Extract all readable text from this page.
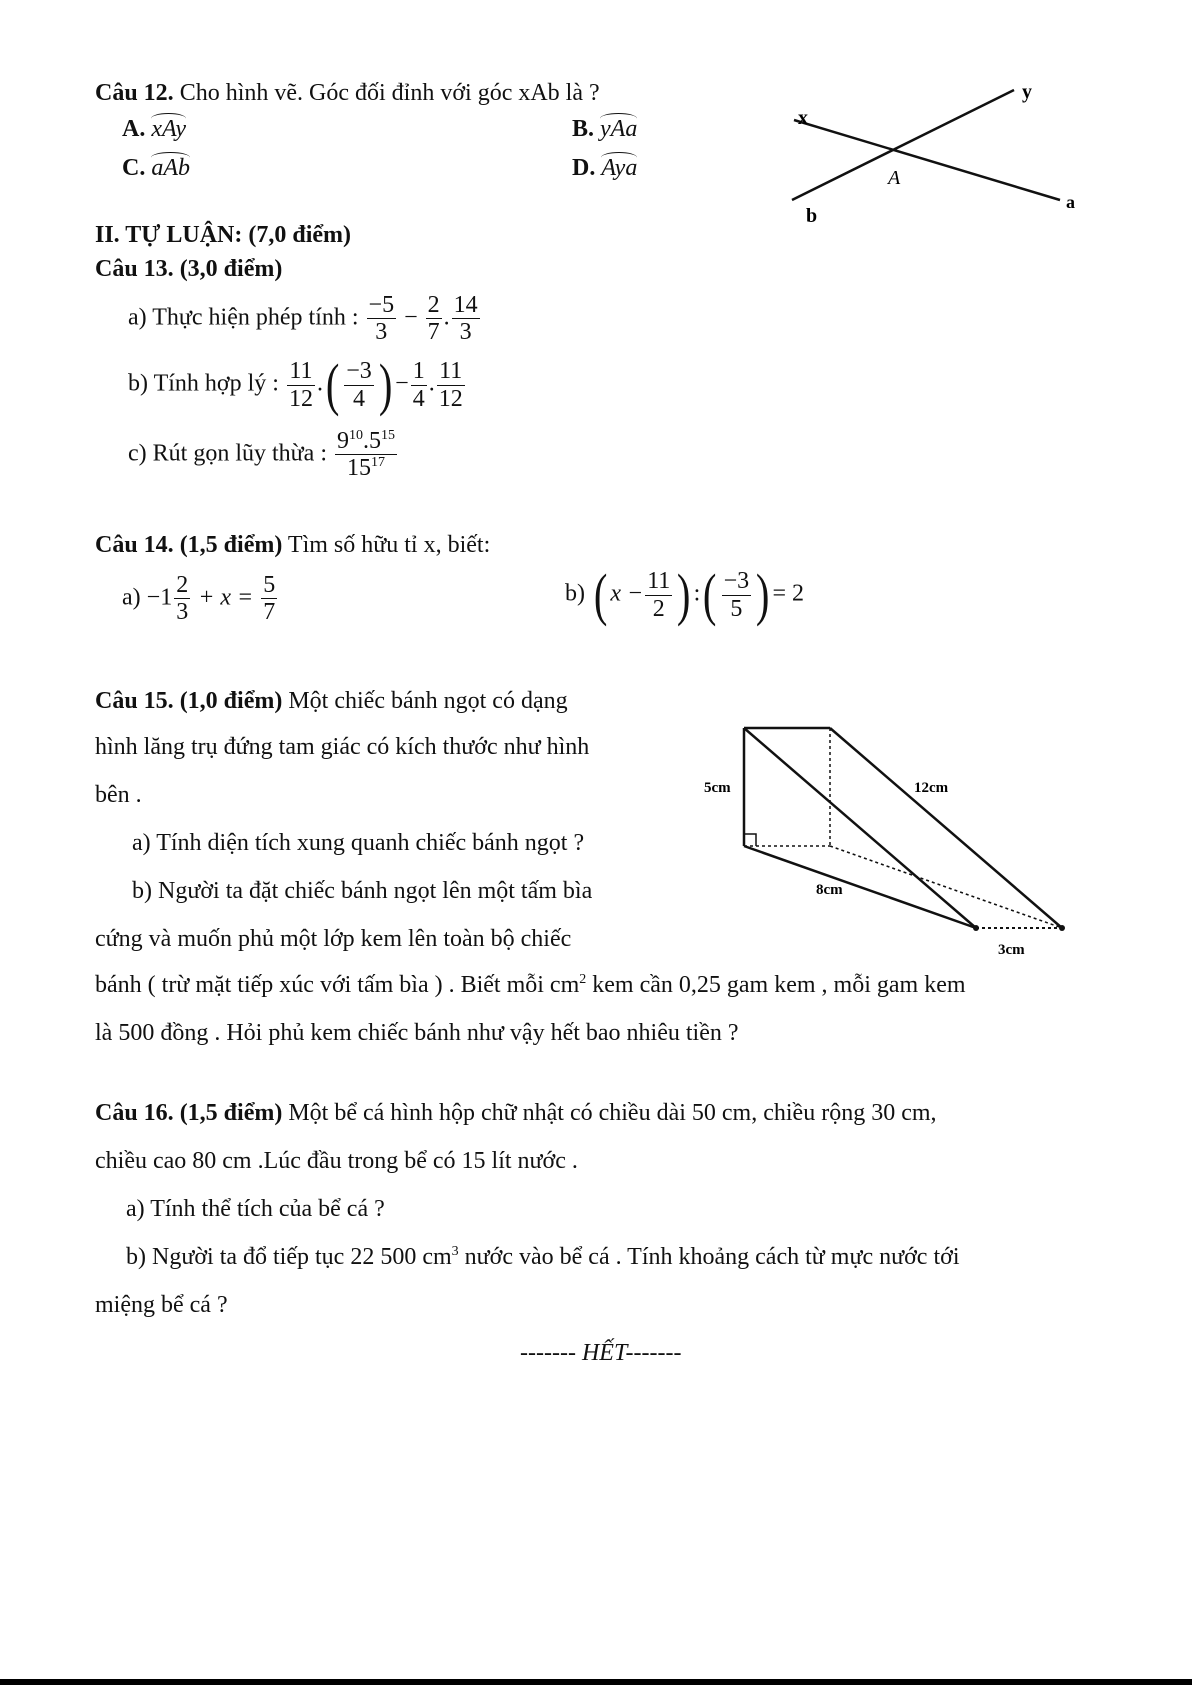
Câu 12. Cho hình vẽ. Góc đối đỉnh với góc xAb là ?
A. xAy	B. yAa
C. aAb	D. Aya
x
y
a
b
A
II. TỰ LUẬN: (7,0 điểm)
Câu 13. (3,0 điểm)
a) Thực hiện phép tính : $\frac{-5}{3} - \frac{2}{7}$ . $\frac{14}{3}$
b) Tính hợp lý : $\frac{11}{12}$ .( $\frac{-3}{4}$ ) − $\frac{1}{4}$ . $\frac{11}{12}$
c) Rút gọn lũy thừa : $\frac{9^{10}.5^{15}}{15^{17}}$
Câu 14. (1,5 điểm) Tìm số hữu tỉ x, biết:
$a) -1 \frac{2}{3} + x = \frac{5}{7}$	b) ( $x - \frac{11}{2}$ ) :( $\frac{-3}{5}$ ) = 2
Câu 15. (1,0 điểm) Một chiếc bánh ngọt có dạng
hình lăng trụ đứng tam giác có kích thước như hình
bên .
a) Tính diện tích xung quanh chiếc bánh ngọt ?
b) Người ta đặt chiếc bánh ngọt lên một tấm bìa
cứng và muốn phủ một lớp kem lên toàn bộ chiếc
bánh ( trừ mặt tiếp xúc với tấm bìa ) . Biết mỗi $cm^2$ kem cần 0,25 gam kem , mỗi gam kem
là 500 đồng . Hỏi phủ kem chiếc bánh như vậy hết bao nhiêu tiền ?
5cm	12cm
8cm
3cm
Câu 16. (1,5 điểm) Một bể cá hình hộp chữ nhật có chiều dài 50 cm, chiều rộng 30 cm,
chiều cao 80 cm .Lúc đầu trong bể có 15 lít nước .
a) Tính thể tích của bể cá ?
b) Người ta đổ tiếp tục 22 500 $cm^3$ nước vào bể cá . Tính khoảng cách từ mực nước tới
miệng bể cá ?
------- HẾT-------
